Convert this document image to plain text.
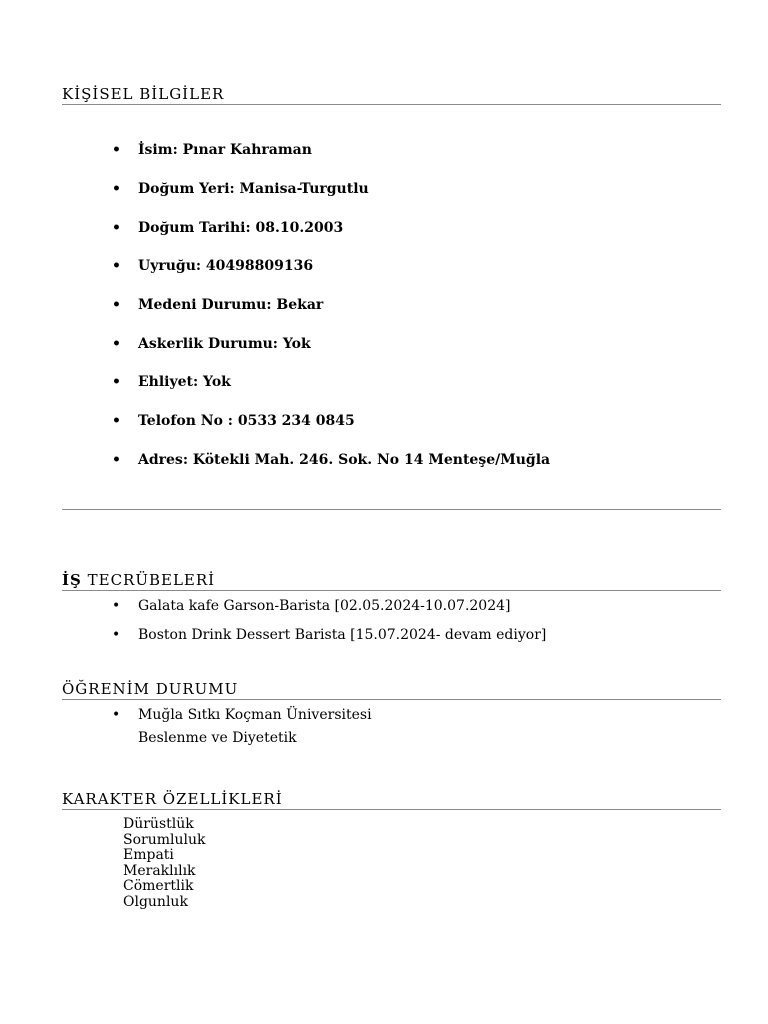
KİŞİSEL BİLGİLER
• İsim: Pınar Kahraman
• Doğum Yeri: Manisa-Turgutlu
• Doğum Tarihi: 08.10.2003
• Uyruğu: 40498809136
• Medeni Durumu: Bekar
• Askerlik Durumu: Yok
• Ehliyet: Yok
• Telofon No : 0533 234 0845
• Adres: Kötekli Mah. 246. Sok. No 14 Menteşe/Muğla
İŞ TECRÜBELERİ
• Galata kafe Garson-Barista [02.05.2024-10.07.2024]
• Boston Drink Dessert Barista [15.07.2024- devam ediyor]
ÖĞRENİM DURUMU
• Muğla Sıtkı Koçman Üniversitesi
Beslenme ve Diyetetik
KARAKTER ÖZELLİKLERİ
Dürüstlük
Sorumluluk
Empati
Meraklılık
Cömertlik
Olgunluk
